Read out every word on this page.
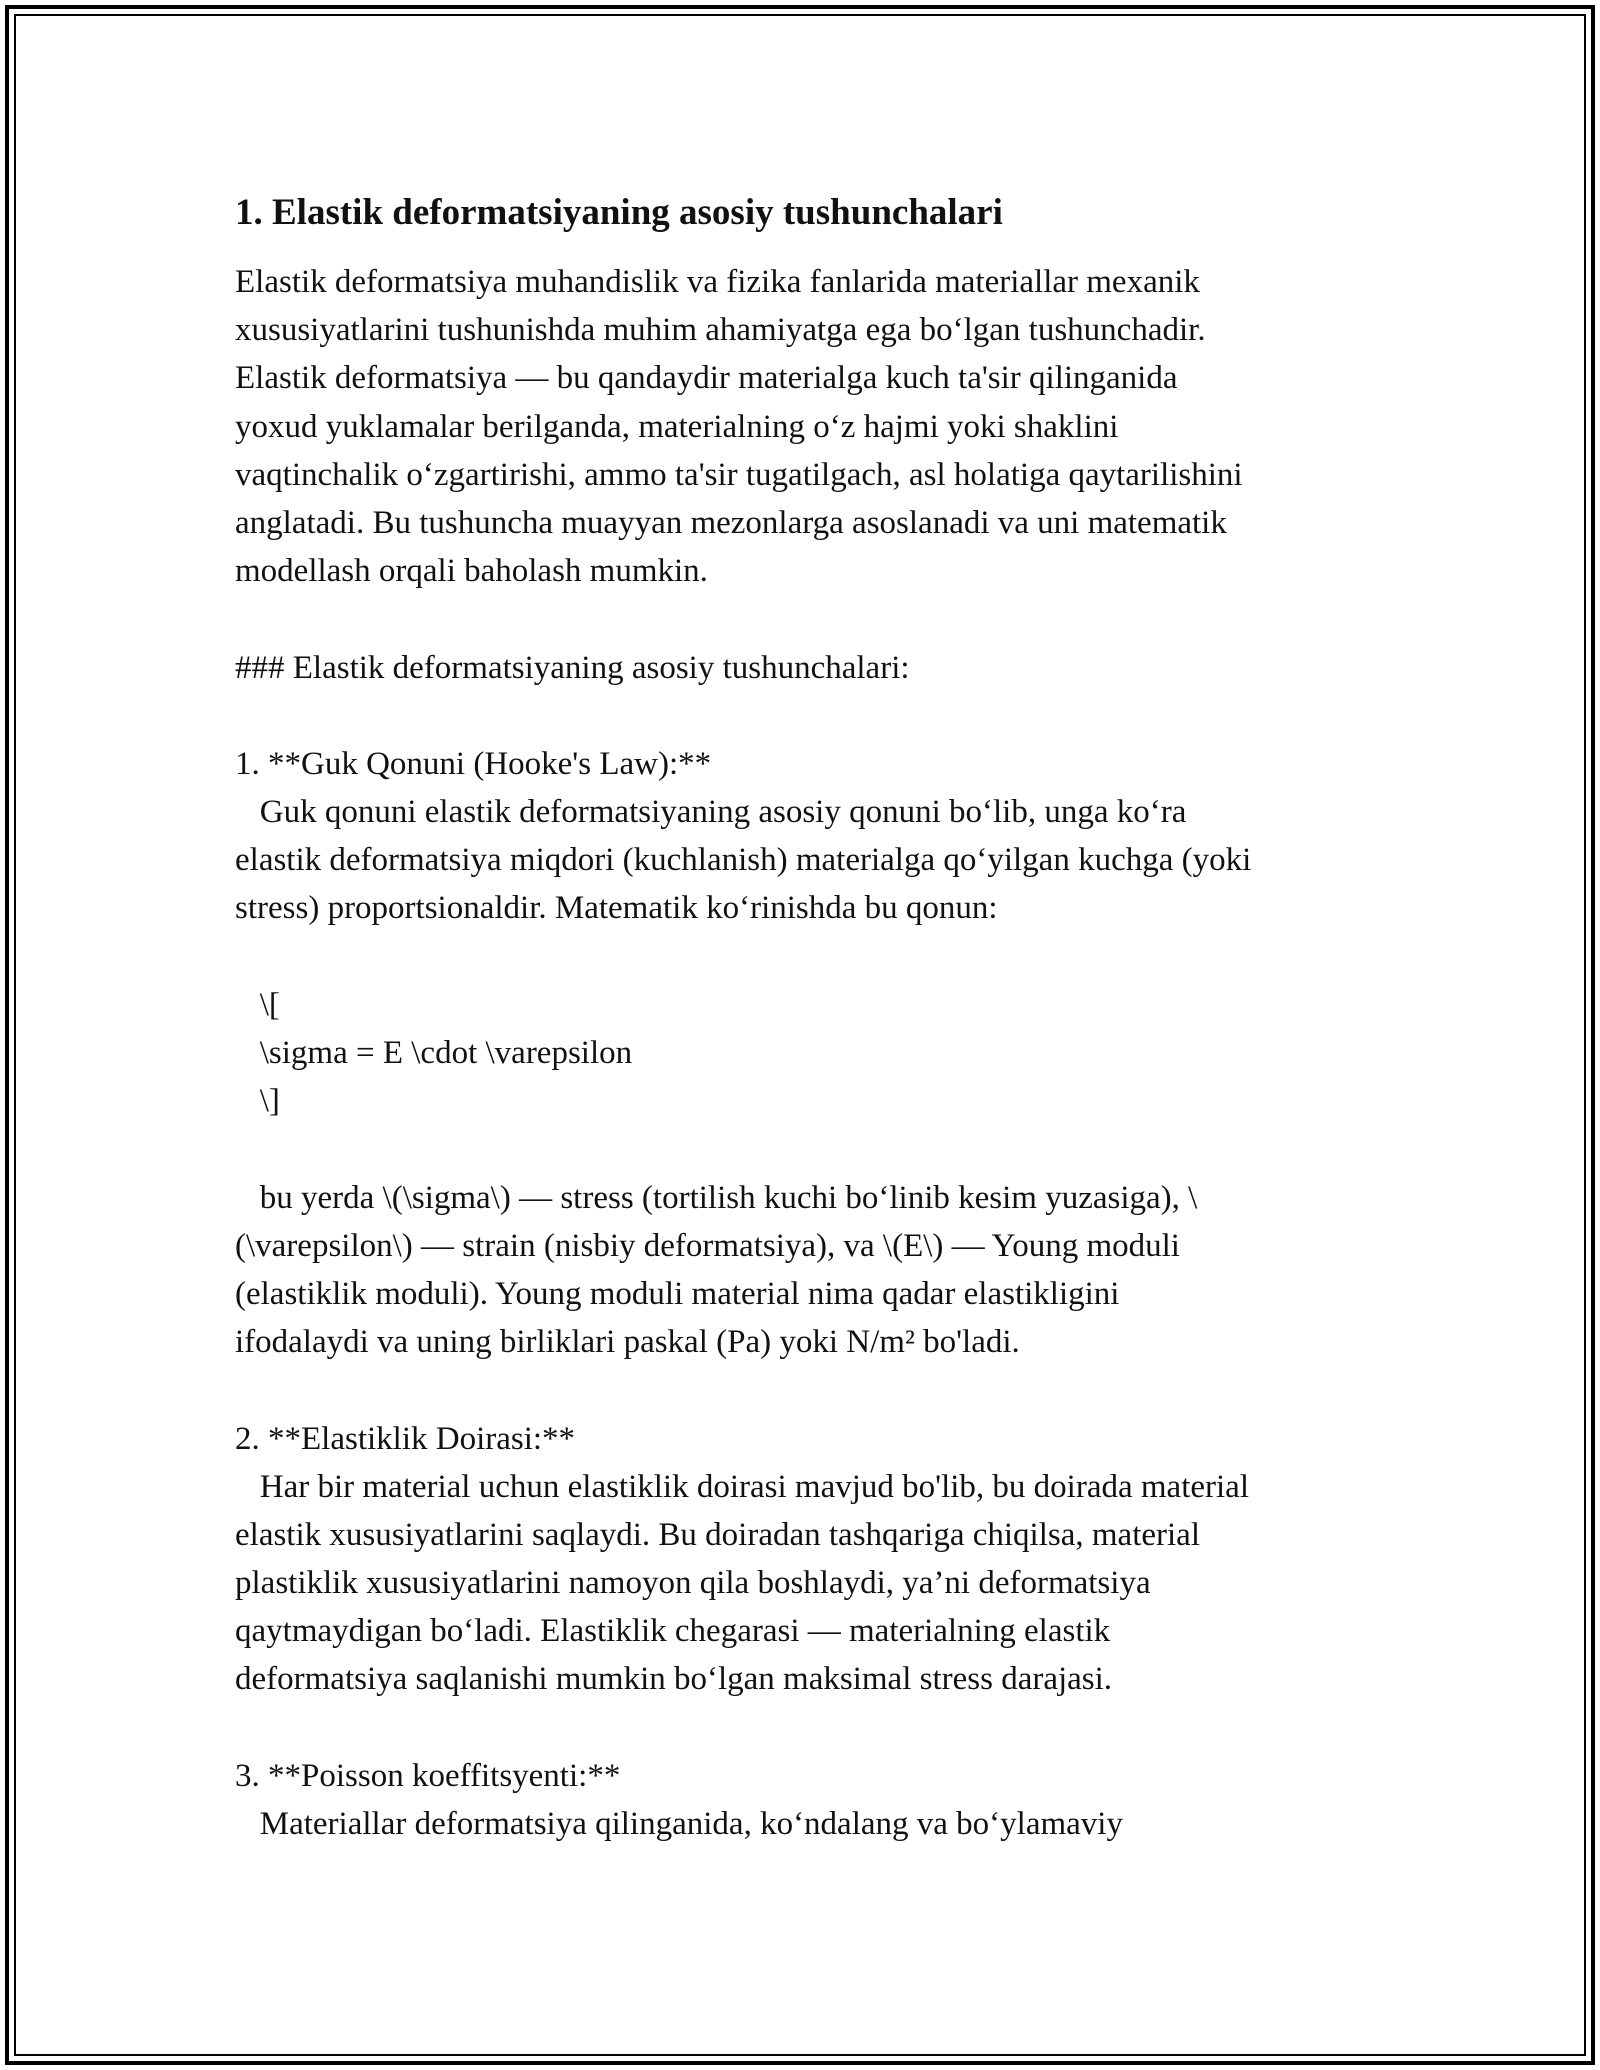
1. Elastik deformatsiyaning asosiy tushunchalari
Elastik deformatsiya muhandislik va fizika fanlarida materiallar mexanik
xususiyatlarini tushunishda muhim ahamiyatga ega bo‘lgan tushunchadir.
Elastik deformatsiya — bu qandaydir materialga kuch ta'sir qilinganida
yoxud yuklamalar berilganda, materialning o‘z hajmi yoki shaklini
vaqtinchalik o‘zgartirishi, ammo ta'sir tugatilgach, asl holatiga qaytarilishini
anglatadi. Bu tushuncha muayyan mezonlarga asoslanadi va uni matematik
modellash orqali baholash mumkin.
### Elastik deformatsiyaning asosiy tushunchalari:
1. **Guk Qonuni (Hooke's Law):**
Guk qonuni elastik deformatsiyaning asosiy qonuni bo‘lib, unga ko‘ra
elastik deformatsiya miqdori (kuchlanish) materialga qo‘yilgan kuchga (yoki
stress) proportsionaldir. Matematik ko‘rinishda bu qonun:
\[
\sigma = E \cdot \varepsilon
\]
bu yerda \(\sigma\) — stress (tortilish kuchi bo‘linib kesim yuzasiga), \
(\varepsilon\) — strain (nisbiy deformatsiya), va \(E\) — Young moduli
(elastiklik moduli). Young moduli material nima qadar elastikligini
ifodalaydi va uning birliklari paskal (Pa) yoki N/m² bo'ladi.
2. **Elastiklik Doirasi:**
Har bir material uchun elastiklik doirasi mavjud bo'lib, bu doirada material
elastik xususiyatlarini saqlaydi. Bu doiradan tashqariga chiqilsa, material
plastiklik xususiyatlarini namoyon qila boshlaydi, ya’ni deformatsiya
qaytmaydigan bo‘ladi. Elastiklik chegarasi — materialning elastik
deformatsiya saqlanishi mumkin bo‘lgan maksimal stress darajasi.
3. **Poisson koeffitsyenti:**
Materiallar deformatsiya qilinganida, ko‘ndalang va bo‘ylamaviy
